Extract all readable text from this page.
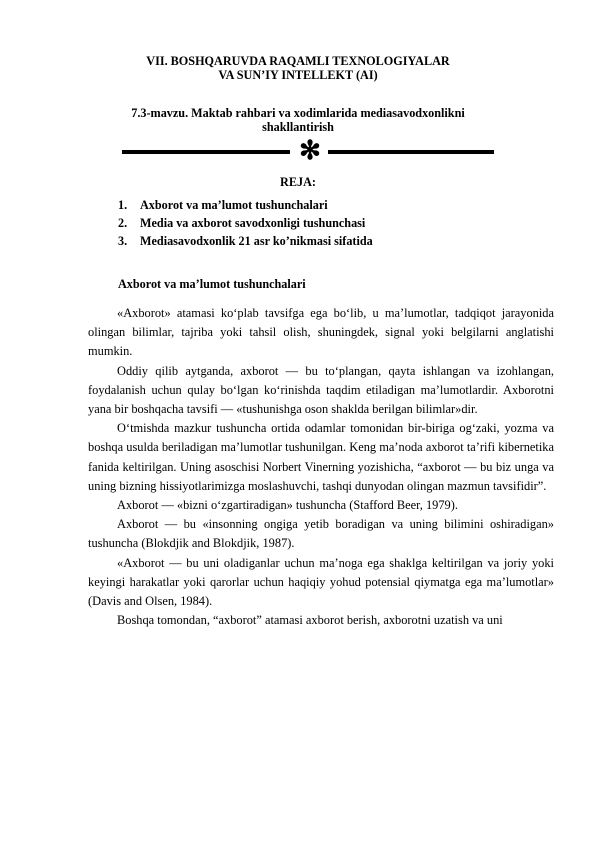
VII. BOSHQARUVDA RAQAMLI TEXNOLOGIYALAR
VA SUN’IY INTELLEKT (AI)
7.3-mavzu. Maktab rahbari va xodimlarida mediasavodxonlikni
shakllantirish
✻
REJA:
1. Axborot va ma’lumot tushunchalari
2. Media va axborot savodxonligi tushunchasi
3. Mediasavodxonlik 21 asr ko’nikmasi sifatida
Axborot va ma’lumot tushunchalari

«Axborot» atamasi koʻplab tavsifga ega boʻlib, u maʼlumotlar, tadqiqot jarayonida olingan bilimlar, tajriba yoki tahsil olish, shuningdek, signal yoki belgilarni anglatishi mumkin.

Oddiy qilib aytganda, axborot — bu toʻplangan, qayta ishlangan va izohlangan, foydalanish uchun qulay boʻlgan koʻrinishda taqdim etiladigan maʼlumotlardir. Axborotni yana bir boshqacha tavsifi — «tushunishga oson shaklda berilgan bilimlar»dir.

Oʻtmishda mazkur tushuncha ortida odamlar tomonidan bir-biriga ogʻzaki, yozma va boshqa usulda beriladigan maʼlumotlar tushunilgan. Keng maʼnoda axborot taʼrifi kibernetika fanida keltirilgan. Uning asoschisi Norbert Vinerning yozishicha, “axborot — bu biz unga va uning bizning hissiyotlarimizga moslashuvchi, tashqi dunyodan olingan mazmun tavsifidir”.

Axborot — «bizni oʻzgartiradigan» tushuncha (Stafford Beer, 1979).

Axborot — bu «insonning ongiga yetib boradigan va uning bilimini oshiradigan» tushuncha (Blokdjik and Blokdjik, 1987).

«Axborot — bu uni oladiganlar uchun maʼnoga ega shaklga keltirilgan va joriy yoki keyingi harakatlar yoki qarorlar uchun haqiqiy yohud potensial qiymatga ega maʼlumotlar» (Davis and Olsen, 1984).

Boshqa tomondan, “axborot” atamasi axborot berish, axborotni uzatish va uni
